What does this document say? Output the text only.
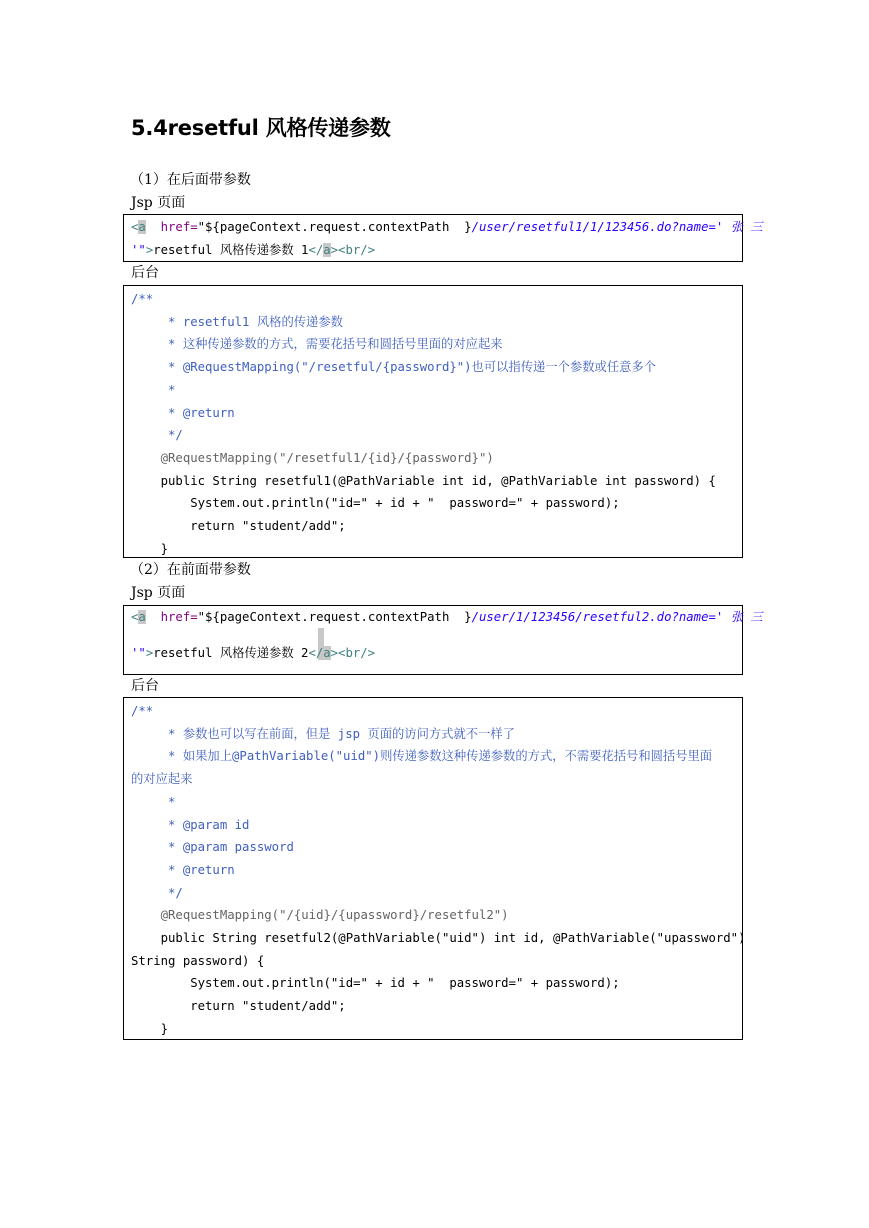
5.4resetful 风格传递参数
（1）在后面带参数
Jsp 页面
<a  href="${pageContext.request.contextPath  }/user/resetful1/1/123456.do?name=' 张 三
'">resetful 风格传递参数 1</a><br/>
后台
/**
* resetful1 风格的传递参数
* 这种传递参数的方式，需要花括号和圆括号里面的对应起来
* @RequestMapping("/resetful/{password}")也可以指传递一个参数或任意多个
*
* @return
*/
@RequestMapping("/resetful1/{id}/{password}")
public String resetful1(@PathVariable int id, @PathVariable int password) {
System.out.println("id=" + id + "  password=" + password);
return "student/add";
}
（2）在前面带参数
Jsp 页面
<a  href="${pageContext.request.contextPath  }/user/1/123456/resetful2.do?name=' 张 三
'">resetful 风格传递参数 2</a><br/>
后台
/**
* 参数也可以写在前面，但是 jsp 页面的访问方式就不一样了
* 如果加上@PathVariable("uid")则传递参数这种传递参数的方式，不需要花括号和圆括号里面
的对应起来
*
* @param id
* @param password
* @return
*/
@RequestMapping("/{uid}/{upassword}/resetful2")
public String resetful2(@PathVariable("uid") int id, @PathVariable("upassword")
String password) {
System.out.println("id=" + id + "  password=" + password);
return "student/add";
}
